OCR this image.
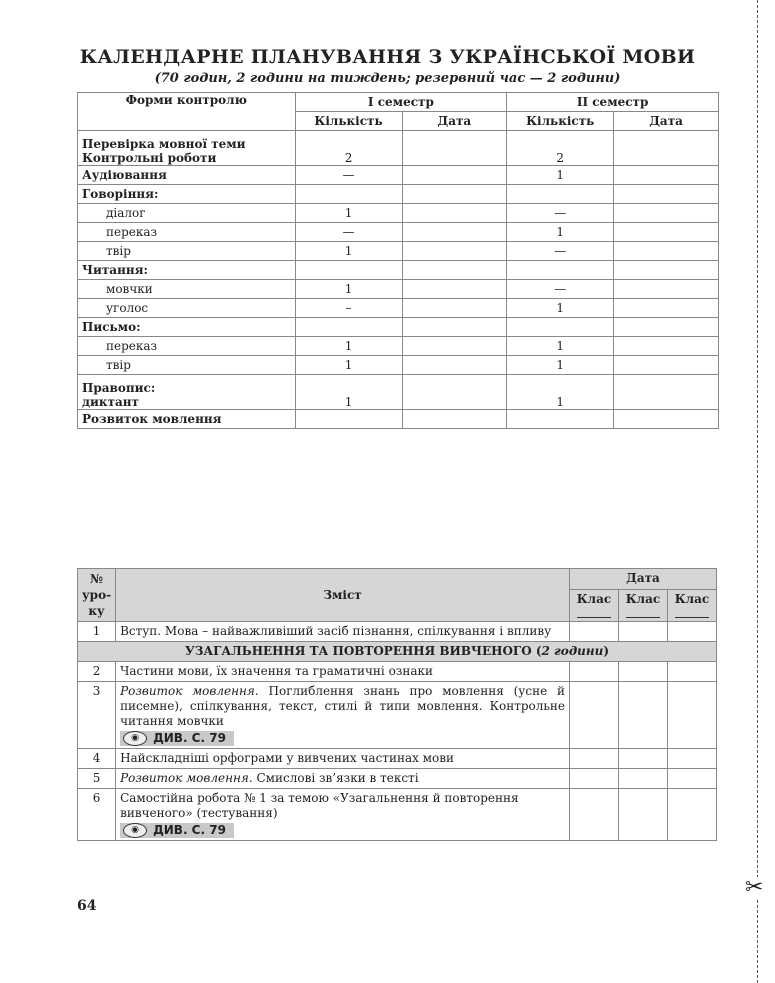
КАЛЕНДАРНЕ ПЛАНУВАННЯ З УКРАЇНСЬКОЇ МОВИ
(70 годин, 2 години на тиждень; резервний час — 2 години)
Форми контролю	І семестр		ІІ семестр	
	Кількість	Дата	Кількість	Дата
Перевірка мовної теми
Контрольні роботи	2		2	
Аудіювання	—		1	
Говоріння:				
діалог	1		—	
переказ	—		1	
твір	1		—	
Читання:				
мовчки	1		—	
уголос	–		1	
Письмо:				
переказ	1		1	
твір	1		1	
Правопис:
диктант	1		1	
Розвиток мовлення				
№
уро-
ку	Зміст	Дата		
		Клас	Клас	Клас
1	Вступ. Мова – найважливіший засіб пізнання, спілкування і впливу			
УЗАГАЛЬНЕННЯ ТА ПОВТОРЕННЯ ВИВЧЕНОГО (2 години)				
2	Частини мови, їх значення та граматичні ознаки			
3	Розвиток мовлення. Поглиблення знань про мовлення (усне й писемне), спілкування, текст, стилі й типи мовлення. Контрольне читання мовчки

◉ ДИВ. С. 79			

4	Найскладніші орфограми у вивчених частинах мови			
5	Розвиток мовлення. Смислові зв’язки в тексті			
6	Самостійна робота № 1 за темою «Узагальнення й повторення вивченого» (тестування)

◉ ДИВ. С. 79			

64
✂
